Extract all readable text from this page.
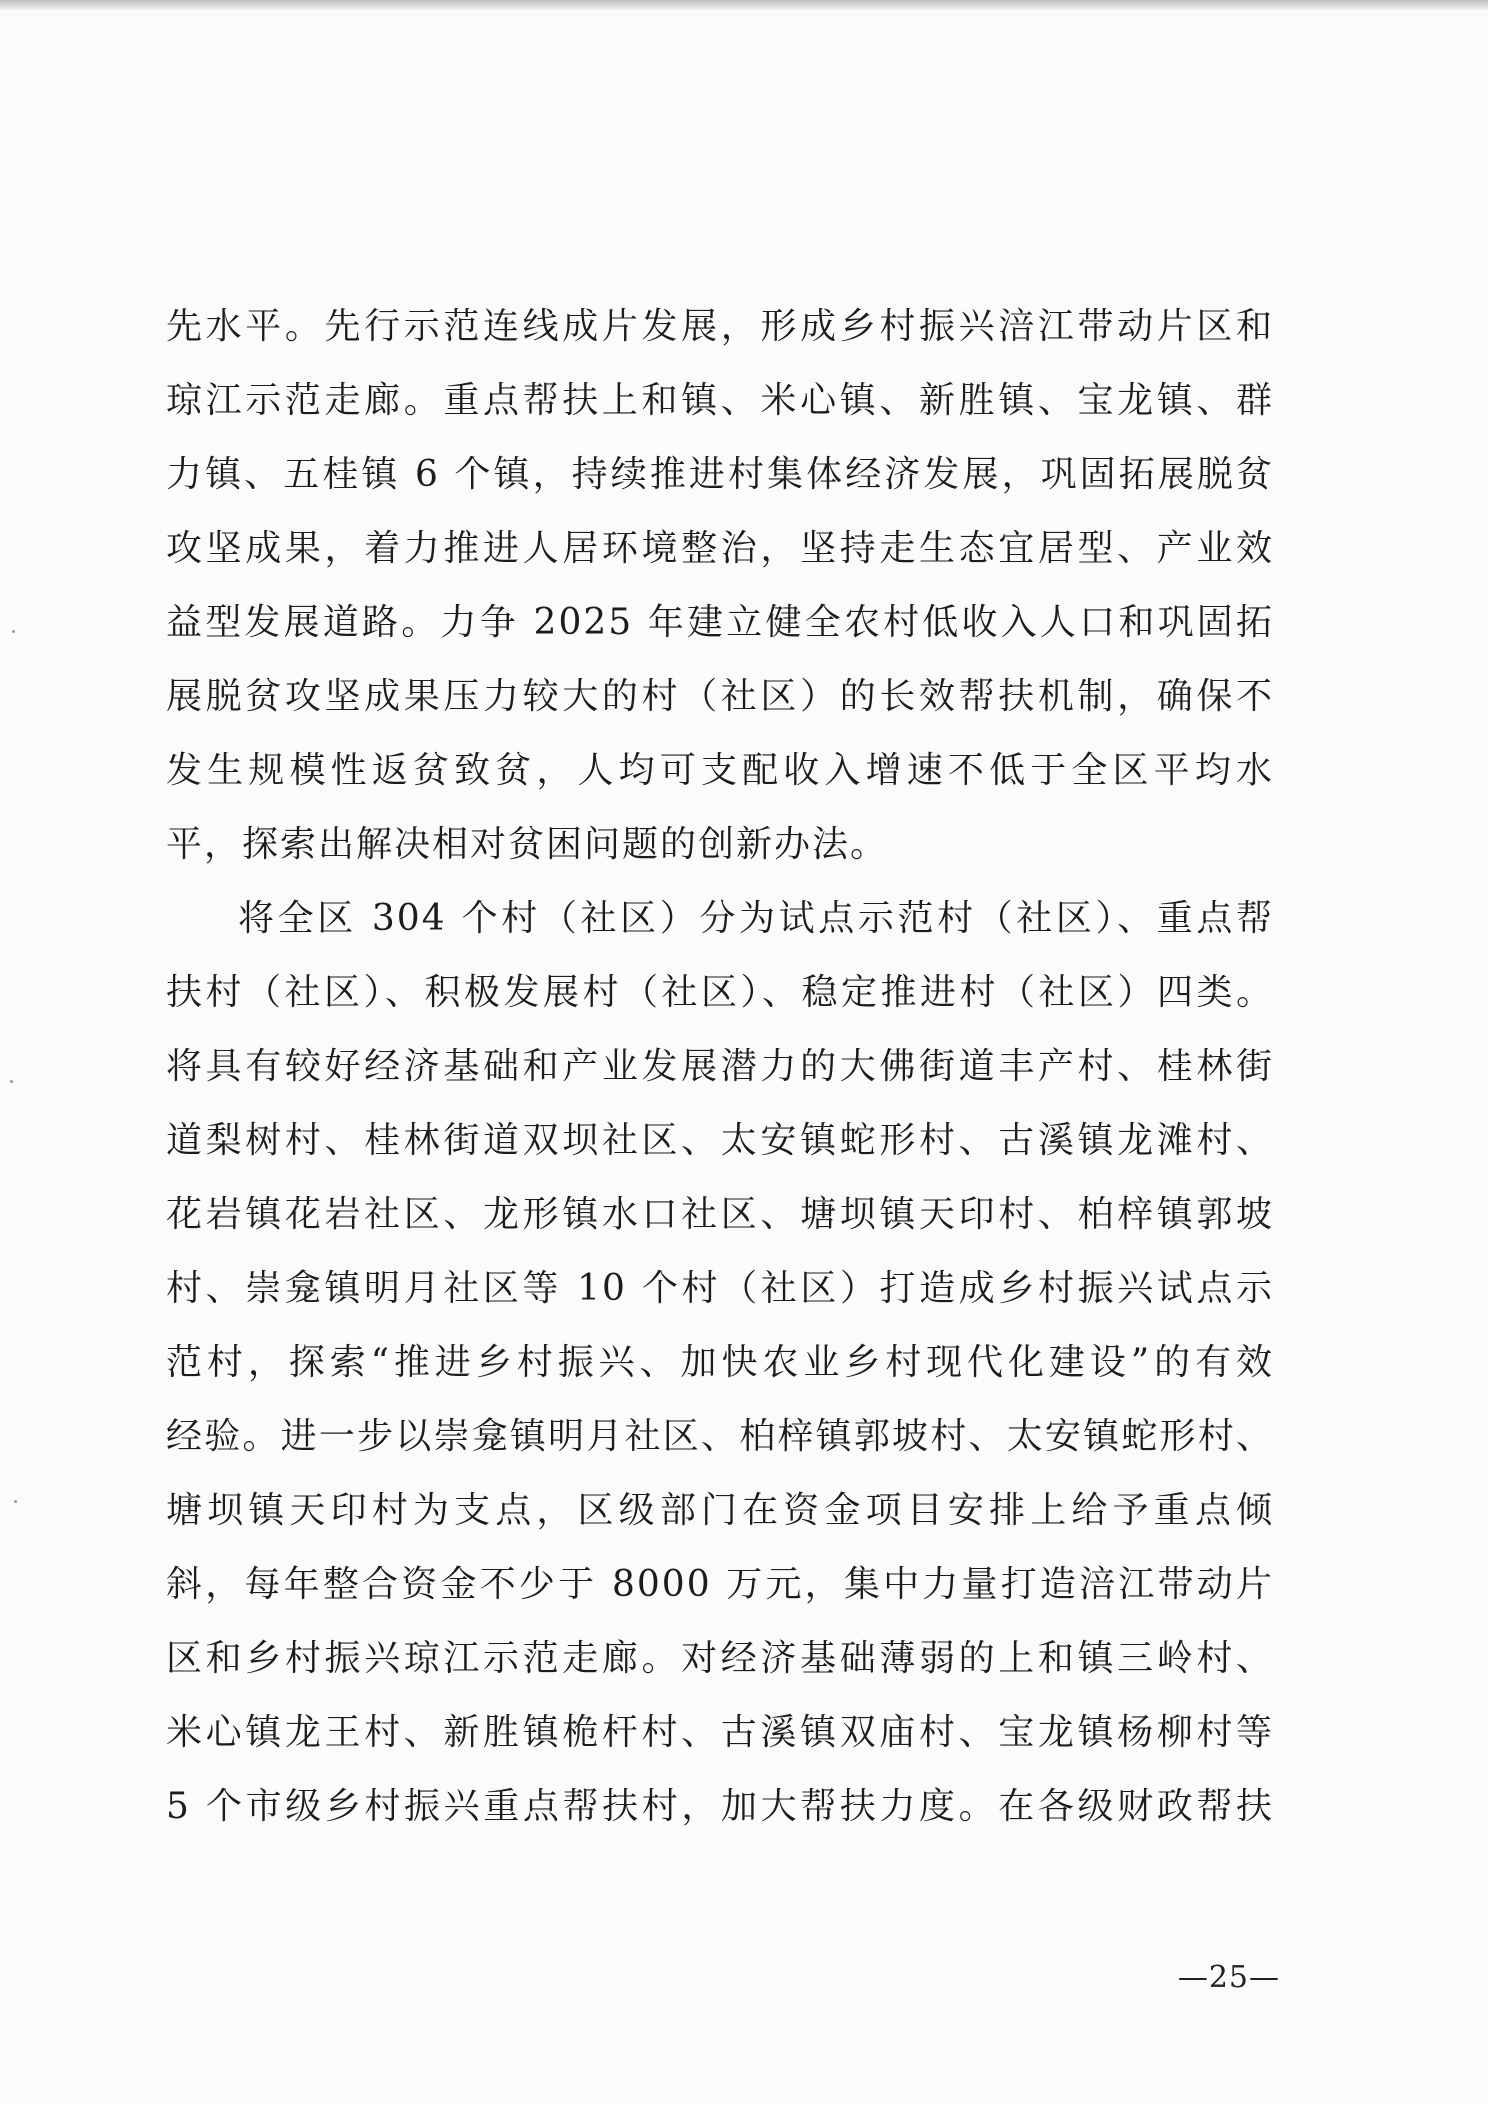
先水平。先行示范连线成片发展，形成乡村振兴涪江带动片区和
琼江示范走廊。重点帮扶上和镇、米心镇、新胜镇、宝龙镇、群
力镇、五桂镇 6 个镇，持续推进村集体经济发展，巩固拓展脱贫
攻坚成果，着力推进人居环境整治，坚持走生态宜居型、产业效
益型发展道路。力争 2025 年建立健全农村低收入人口和巩固拓
展脱贫攻坚成果压力较大的村（社区）的长效帮扶机制，确保不
发生规模性返贫致贫，人均可支配收入增速不低于全区平均水
平，探索出解决相对贫困问题的创新办法。
将全区 304 个村（社区）分为试点示范村（社区）、重点帮
扶村（社区）、积极发展村（社区）、稳定推进村（社区）四类。
将具有较好经济基础和产业发展潜力的大佛街道丰产村、桂林街
道梨树村、桂林街道双坝社区、太安镇蛇形村、古溪镇龙滩村、
花岩镇花岩社区、龙形镇水口社区、塘坝镇天印村、柏梓镇郭坡
村、崇龛镇明月社区等 10 个村（社区）打造成乡村振兴试点示
范村，探索“推进乡村振兴、加快农业乡村现代化建设”的有效
经验。进一步以崇龛镇明月社区、柏梓镇郭坡村、太安镇蛇形村、
塘坝镇天印村为支点，区级部门在资金项目安排上给予重点倾
斜，每年整合资金不少于 8000 万元，集中力量打造涪江带动片
区和乡村振兴琼江示范走廊。对经济基础薄弱的上和镇三岭村、
米心镇龙王村、新胜镇桅杆村、古溪镇双庙村、宝龙镇杨柳村等
5 个市级乡村振兴重点帮扶村，加大帮扶力度。在各级财政帮扶
—25—
